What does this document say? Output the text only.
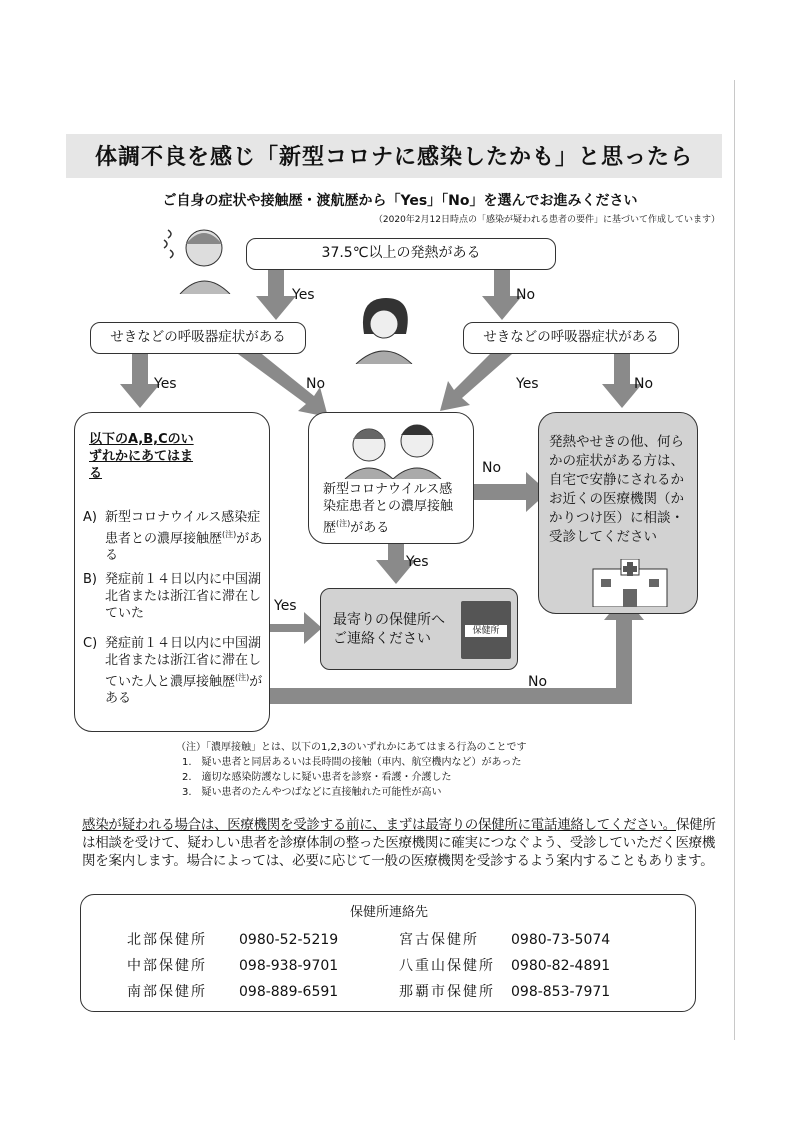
体調不良を感じ「新型コロナに感染したかも」と思ったら
ご自身の症状や接触歴・渡航歴から「Yes」「No」を選んでお進みください
（2020年2月12日時点の「感染が疑われる患者の要件」に基づいて作成しています）
37.5℃以上の発熱がある
せきなどの呼吸器症状がある	せきなどの呼吸器症状がある
Yes	No
Yes	No	Yes	No
No
Yes
Yes
No
以下のA,B,Cのいずれかにあてはまる
A) 新型コロナウイルス感染症患者との濃厚接触歴$^{(注)}$がある
B) 発症前１４日以内に中国湖北省または浙江省に滞在していた
C) 発症前１４日以内に中国湖北省または浙江省に滞在していた人と濃厚接触歴$^{(注)}$がある
新型コロナウイルス感染症患者との濃厚接触歴$^{(注)}$がある
最寄りの保健所へご連絡ください	保健所
発熱やせきの他、何らかの症状がある方は、自宅で安静にされるかお近くの医療機関（かかりつけ医）に相談・受診してください
（注）「濃厚接触」とは、以下の1,2,3のいずれかにあてはまる行為のことです
1.　疑い患者と同居あるいは長時間の接触（車内、航空機内など）があった
2.　適切な感染防護なしに疑い患者を診察・看護・介護した
3.　疑い患者のたんやつばなどに直接触れた可能性が高い
感染が疑われる場合は、医療機関を受診する前に、まずは最寄りの保健所に電話連絡してください。保健所は相談を受けて、疑わしい患者を診療体制の整った医療機関に確実につなぐよう、受診していただく医療機関を案内します。場合によっては、必要に応じて一般の医療機関を受診するよう案内することもあります。
保健所連絡先
北部保健所 0980-52-5219	宮古保健所 0980-73-5074
中部保健所 098-938-9701	八重山保健所 0980-82-4891
南部保健所 098-889-6591	那覇市保健所 098-853-7971
